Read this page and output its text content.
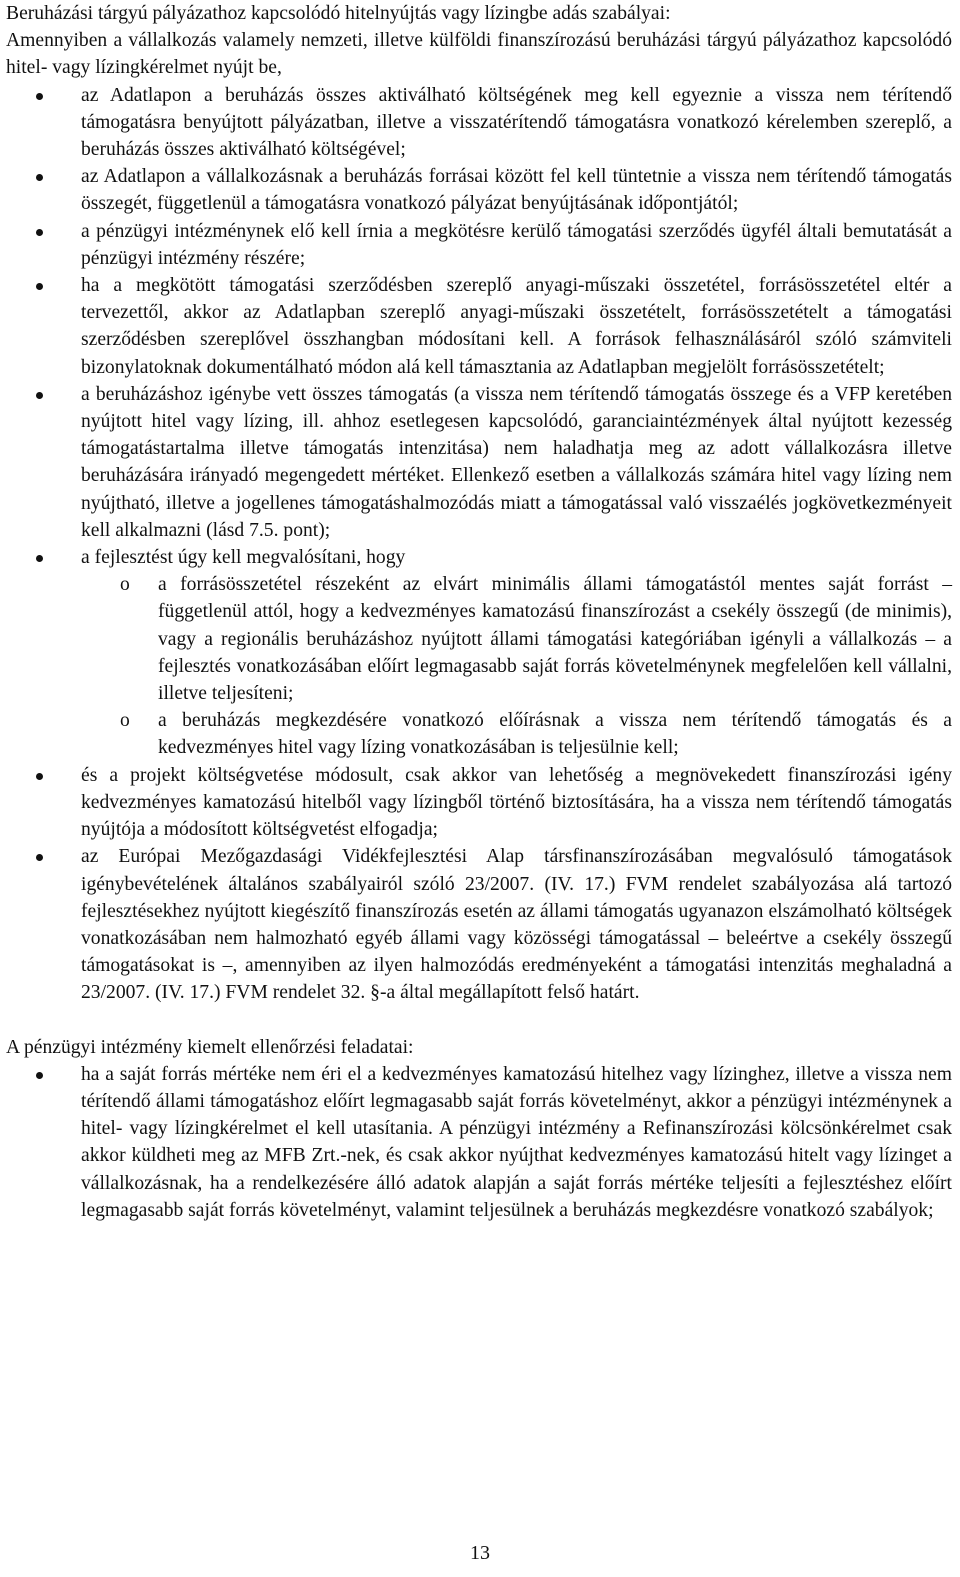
Beruházási tárgyú pályázathoz kapcsolódó hitelnyújtás vagy lízingbe adás szabályai:

Amennyiben a vállalkozás valamely nemzeti, illetve külföldi finanszírozású beruházási tárgyú pályázathoz kapcsolódó hitel- vagy lízingkérelmet nyújt be,

az Adatlapon a beruházás összes aktiválható költségének meg kell egyeznie a vissza nem térítendő támogatásra benyújtott pályázatban, illetve a visszatérítendő támogatásra vonatkozó kérelemben szereplő, a beruházás összes aktiválható költségével;
az Adatlapon a vállalkozásnak a beruházás forrásai között fel kell tüntetnie a vissza nem térítendő támogatás összegét, függetlenül a támogatásra vonatkozó pályázat benyújtásának időpontjától;
a pénzügyi intézménynek elő kell írnia a megkötésre kerülő támogatási szerződés ügyfél általi bemutatását a pénzügyi intézmény részére;
ha a megkötött támogatási szerződésben szereplő anyagi-műszaki összetétel, forrásösszetétel eltér a tervezettől, akkor az Adatlapban szereplő anyagi-műszaki összetételt, forrásösszetételt a támogatási szerződésben szereplővel összhangban módosítani kell. A források felhasználásáról szóló számviteli bizonylatoknak dokumentálható módon alá kell támasztania az Adatlapban megjelölt forrásösszetételt;
a beruházáshoz igénybe vett összes támogatás (a vissza nem térítendő támogatás összege és a VFP keretében nyújtott hitel vagy lízing, ill. ahhoz esetlegesen kapcsolódó, garanciaintézmények által nyújtott kezesség támogatástartalma illetve támogatás intenzitása) nem haladhatja meg az adott vállalkozásra illetve beruházására irányadó megengedett mértéket. Ellenkező esetben a vállalkozás számára hitel vagy lízing nem nyújtható, illetve a jogellenes támogatáshalmozódás miatt a támogatással való visszaélés jogkövetkezményeit kell alkalmazni (lásd 7.5. pont);
a fejlesztést úgy kell megvalósítani, hogy
o a forrásösszetétel részeként az elvárt minimális állami támogatástól mentes saját forrást – függetlenül attól, hogy a kedvezményes kamatozású finanszírozást a csekély összegű (de minimis), vagy a regionális beruházáshoz nyújtott állami támogatási kategóriában igényli a vállalkozás – a fejlesztés vonatkozásában előírt legmagasabb saját forrás követelménynek megfelelően kell vállalni, illetve teljesíteni;
o a beruházás megkezdésére vonatkozó előírásnak a vissza nem térítendő támogatás és a kedvezményes hitel vagy lízing vonatkozásában is teljesülnie kell;
és a projekt költségvetése módosult, csak akkor van lehetőség a megnövekedett finanszírozási igény kedvezményes kamatozású hitelből vagy lízingből történő biztosítására, ha a vissza nem térítendő támogatás nyújtója a módosított költségvetést elfogadja;
az Európai Mezőgazdasági Vidékfejlesztési Alap társfinanszírozásában megvalósuló támogatások igénybevételének általános szabályairól szóló 23/2007. (IV. 17.) FVM rendelet szabályozása alá tartozó fejlesztésekhez nyújtott kiegészítő finanszírozás esetén az állami támogatás ugyanazon elszámolható költségek vonatkozásában nem halmozható egyéb állami vagy közösségi támogatással – beleértve a csekély összegű támogatásokat is –, amennyiben az ilyen halmozódás eredményeként a támogatási intenzitás meghaladná a 23/2007. (IV. 17.) FVM rendelet 32. §-a által megállapított felső határt.

A pénzügyi intézmény kiemelt ellenőrzési feladatai:

ha a saját forrás mértéke nem éri el a kedvezményes kamatozású hitelhez vagy lízinghez, illetve a vissza nem térítendő állami támogatáshoz előírt legmagasabb saját forrás követelményt, akkor a pénzügyi intézménynek a hitel- vagy lízingkérelmet el kell utasítania. A pénzügyi intézmény a Refinanszírozási kölcsönkérelmet csak akkor küldheti meg az MFB Zrt.-nek, és csak akkor nyújthat kedvezményes kamatozású hitelt vagy lízinget a vállalkozásnak, ha a rendelkezésére álló adatok alapján a saját forrás mértéke teljesíti a fejlesztéshez előírt legmagasabb saját forrás követelményt, valamint teljesülnek a beruházás megkezdésre vonatkozó szabályok;
13
